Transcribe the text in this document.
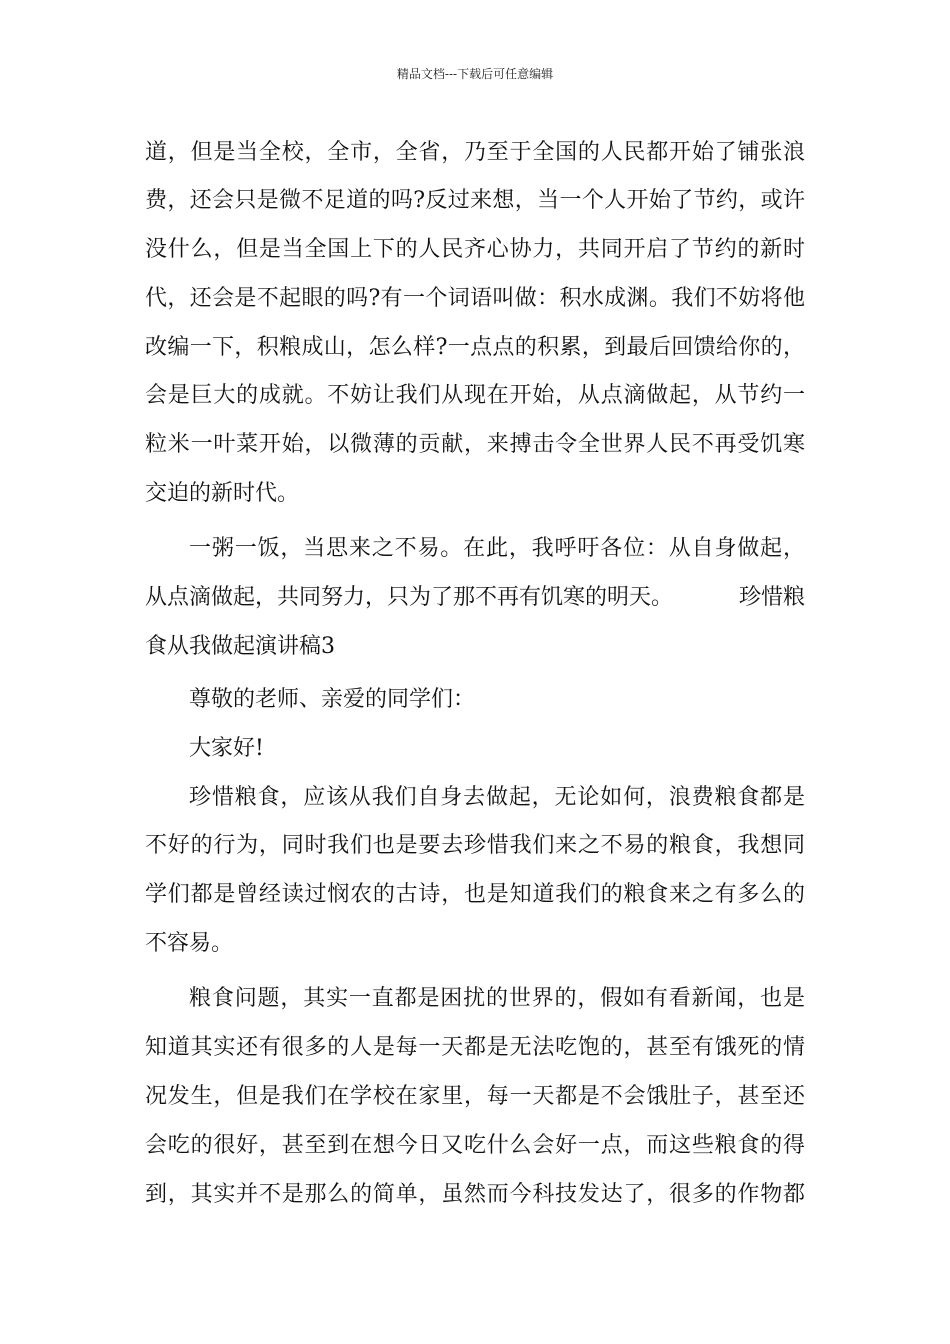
精品文档---下载后可任意编辑
道，但是当全校，全市，全省，乃至于全国的人民都开始了铺张浪
费，还会只是微不足道的吗?反过来想，当一个人开始了节约，或许
没什么，但是当全国上下的人民齐心协力，共同开启了节约的新时
代，还会是不起眼的吗?有一个词语叫做：积水成渊。我们不妨将他
改编一下，积粮成山，怎么样?一点点的积累，到最后回馈给你的，
会是巨大的成就。不妨让我们从现在开始，从点滴做起，从节约一
粒米一叶菜开始，以微薄的贡献，来搏击令全世界人民不再受饥寒
交迫的新时代。
一粥一饭，当思来之不易。在此，我呼吁各位：从自身做起，
从点滴做起，共同努力，只为了那不再有饥寒的明天。	珍惜粮
食从我做起演讲稿3
尊敬的老师、亲爱的同学们：
大家好!
珍惜粮食，应该从我们自身去做起，无论如何，浪费粮食都是
不好的行为，同时我们也是要去珍惜我们来之不易的粮食，我想同
学们都是曾经读过悯农的古诗，也是知道我们的粮食来之有多么的
不容易。
粮食问题，其实一直都是困扰的世界的，假如有看新闻，也是
知道其实还有很多的人是每一天都是无法吃饱的，甚至有饿死的情
况发生，但是我们在学校在家里，每一天都是不会饿肚子，甚至还
会吃的很好，甚至到在想今日又吃什么会好一点，而这些粮食的得
到，其实并不是那么的简单，虽然而今科技发达了，很多的作物都
